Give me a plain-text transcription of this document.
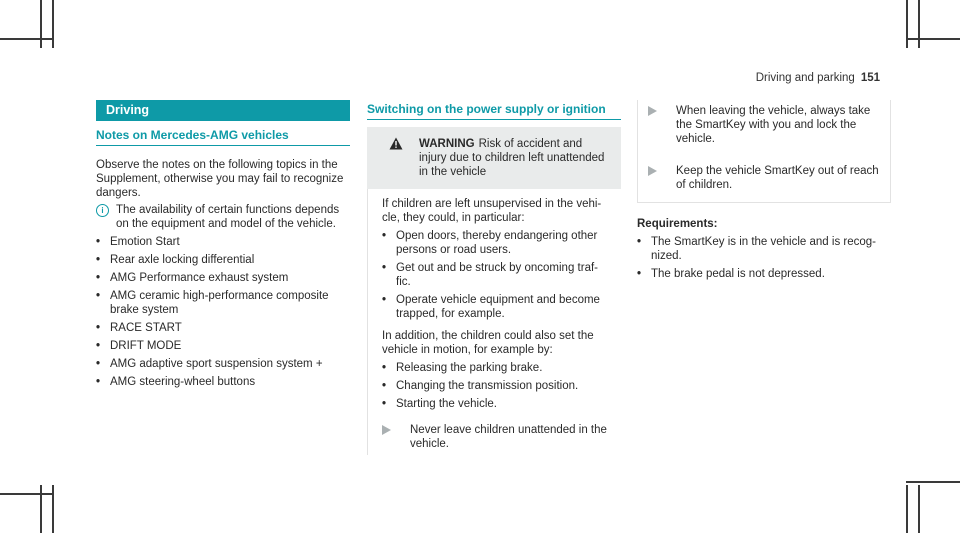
Driving and parking 151
Driving
Notes on Mercedes-AMG vehicles

Observe the notes on the following topics in the Supplement, otherwise you may fail to recognize dangers.

i	The availability of certain functions depends on the equipment and model of the vehicle.

•
Emotion Start
•
Rear axle locking differential
•
AMG Performance exhaust system
•
AMG ceramic high-performance composite brake system
•
RACE START
•
DRIFT MODE
•
AMG adaptive sport suspension system +
•
AMG steering-wheel buttons
Switching on the power supply or ignition

WARNING Risk of accident and injury due to children left unattended in the vehicle

If children are left unsupervised in the vehi-cle, they could, in particular:

•
Open doors, thereby endangering other persons or road users.
•
Get out and be struck by oncoming traf-fic.
•
Operate vehicle equipment and become trapped, for example.

In addition, the children could also set the vehicle in motion, for example by:

•
Releasing the parking brake.
•
Changing the transmission position.
•
Starting the vehicle.

Never leave children unattended in the vehicle.

When leaving the vehicle, always take the SmartKey with you and lock the vehicle.

Keep the vehicle SmartKey out of reach of children.

Requirements:

•
The SmartKey is in the vehicle and is recog-nized.
•
The brake pedal is not depressed.
